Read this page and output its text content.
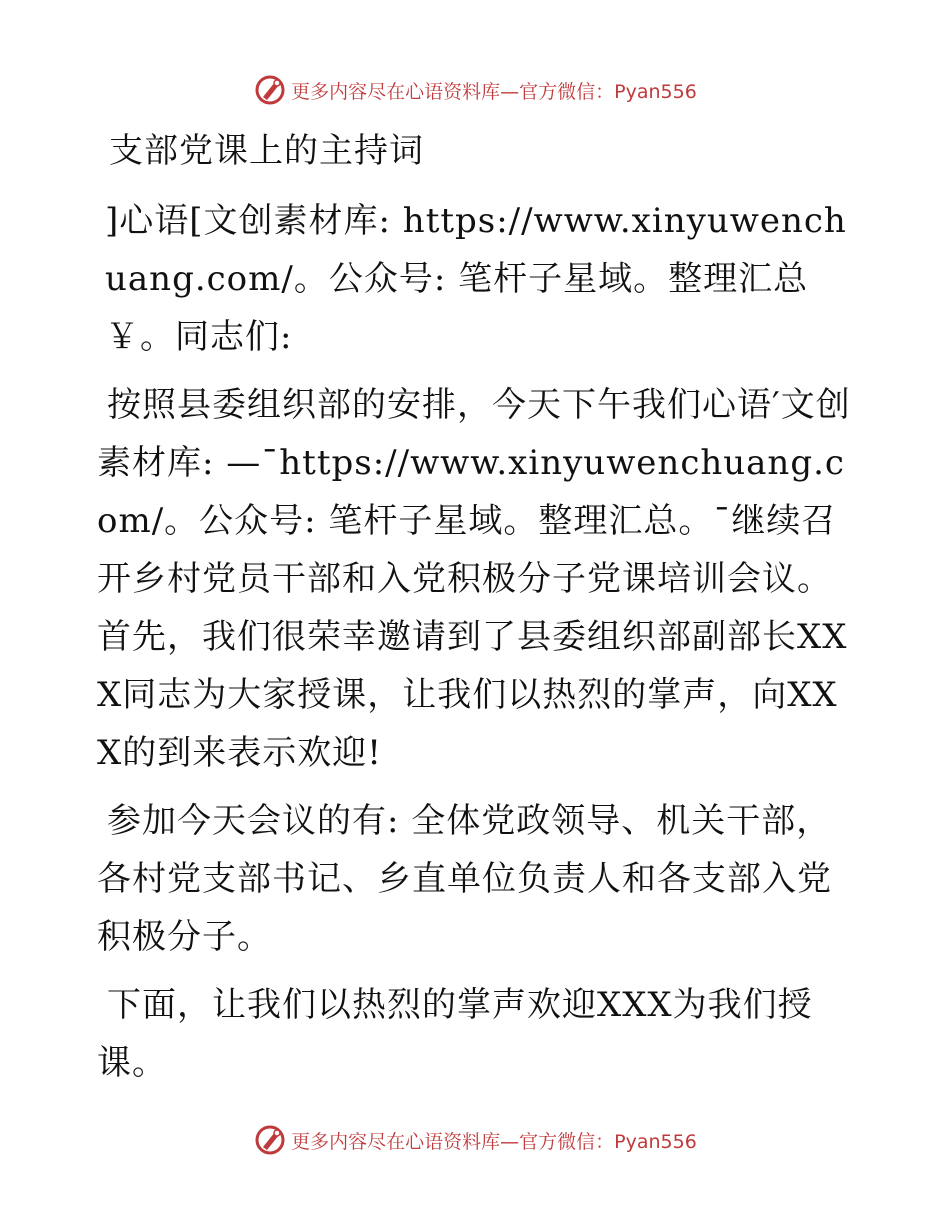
更多内容尽在心语资料库—官方微信：Pyan556

支部党课上的主持词

]心语[文创素材库: https://www.xinyuwenchuang.com/。公众号: 笔杆子星域。整理汇总￥。同志们:

按照县委组织部的安排，今天下午我们心语′文创素材库: —¯https://www.xinyuwenchuang.com/。公众号: 笔杆子星域。整理汇总。¯继续召开乡村党员干部和入党积极分子党课培训会议。首先，我们很荣幸邀请到了县委组织部副部长XXX同志为大家授课，让我们以热烈的掌声，向XXX的到来表示欢迎!

参加今天会议的有: 全体党政领导、机关干部，各村党支部书记、乡直单位负责人和各支部入党积极分子。

下面，让我们以热烈的掌声欢迎XXX为我们授课。

更多内容尽在心语资料库—官方微信：Pyan556
